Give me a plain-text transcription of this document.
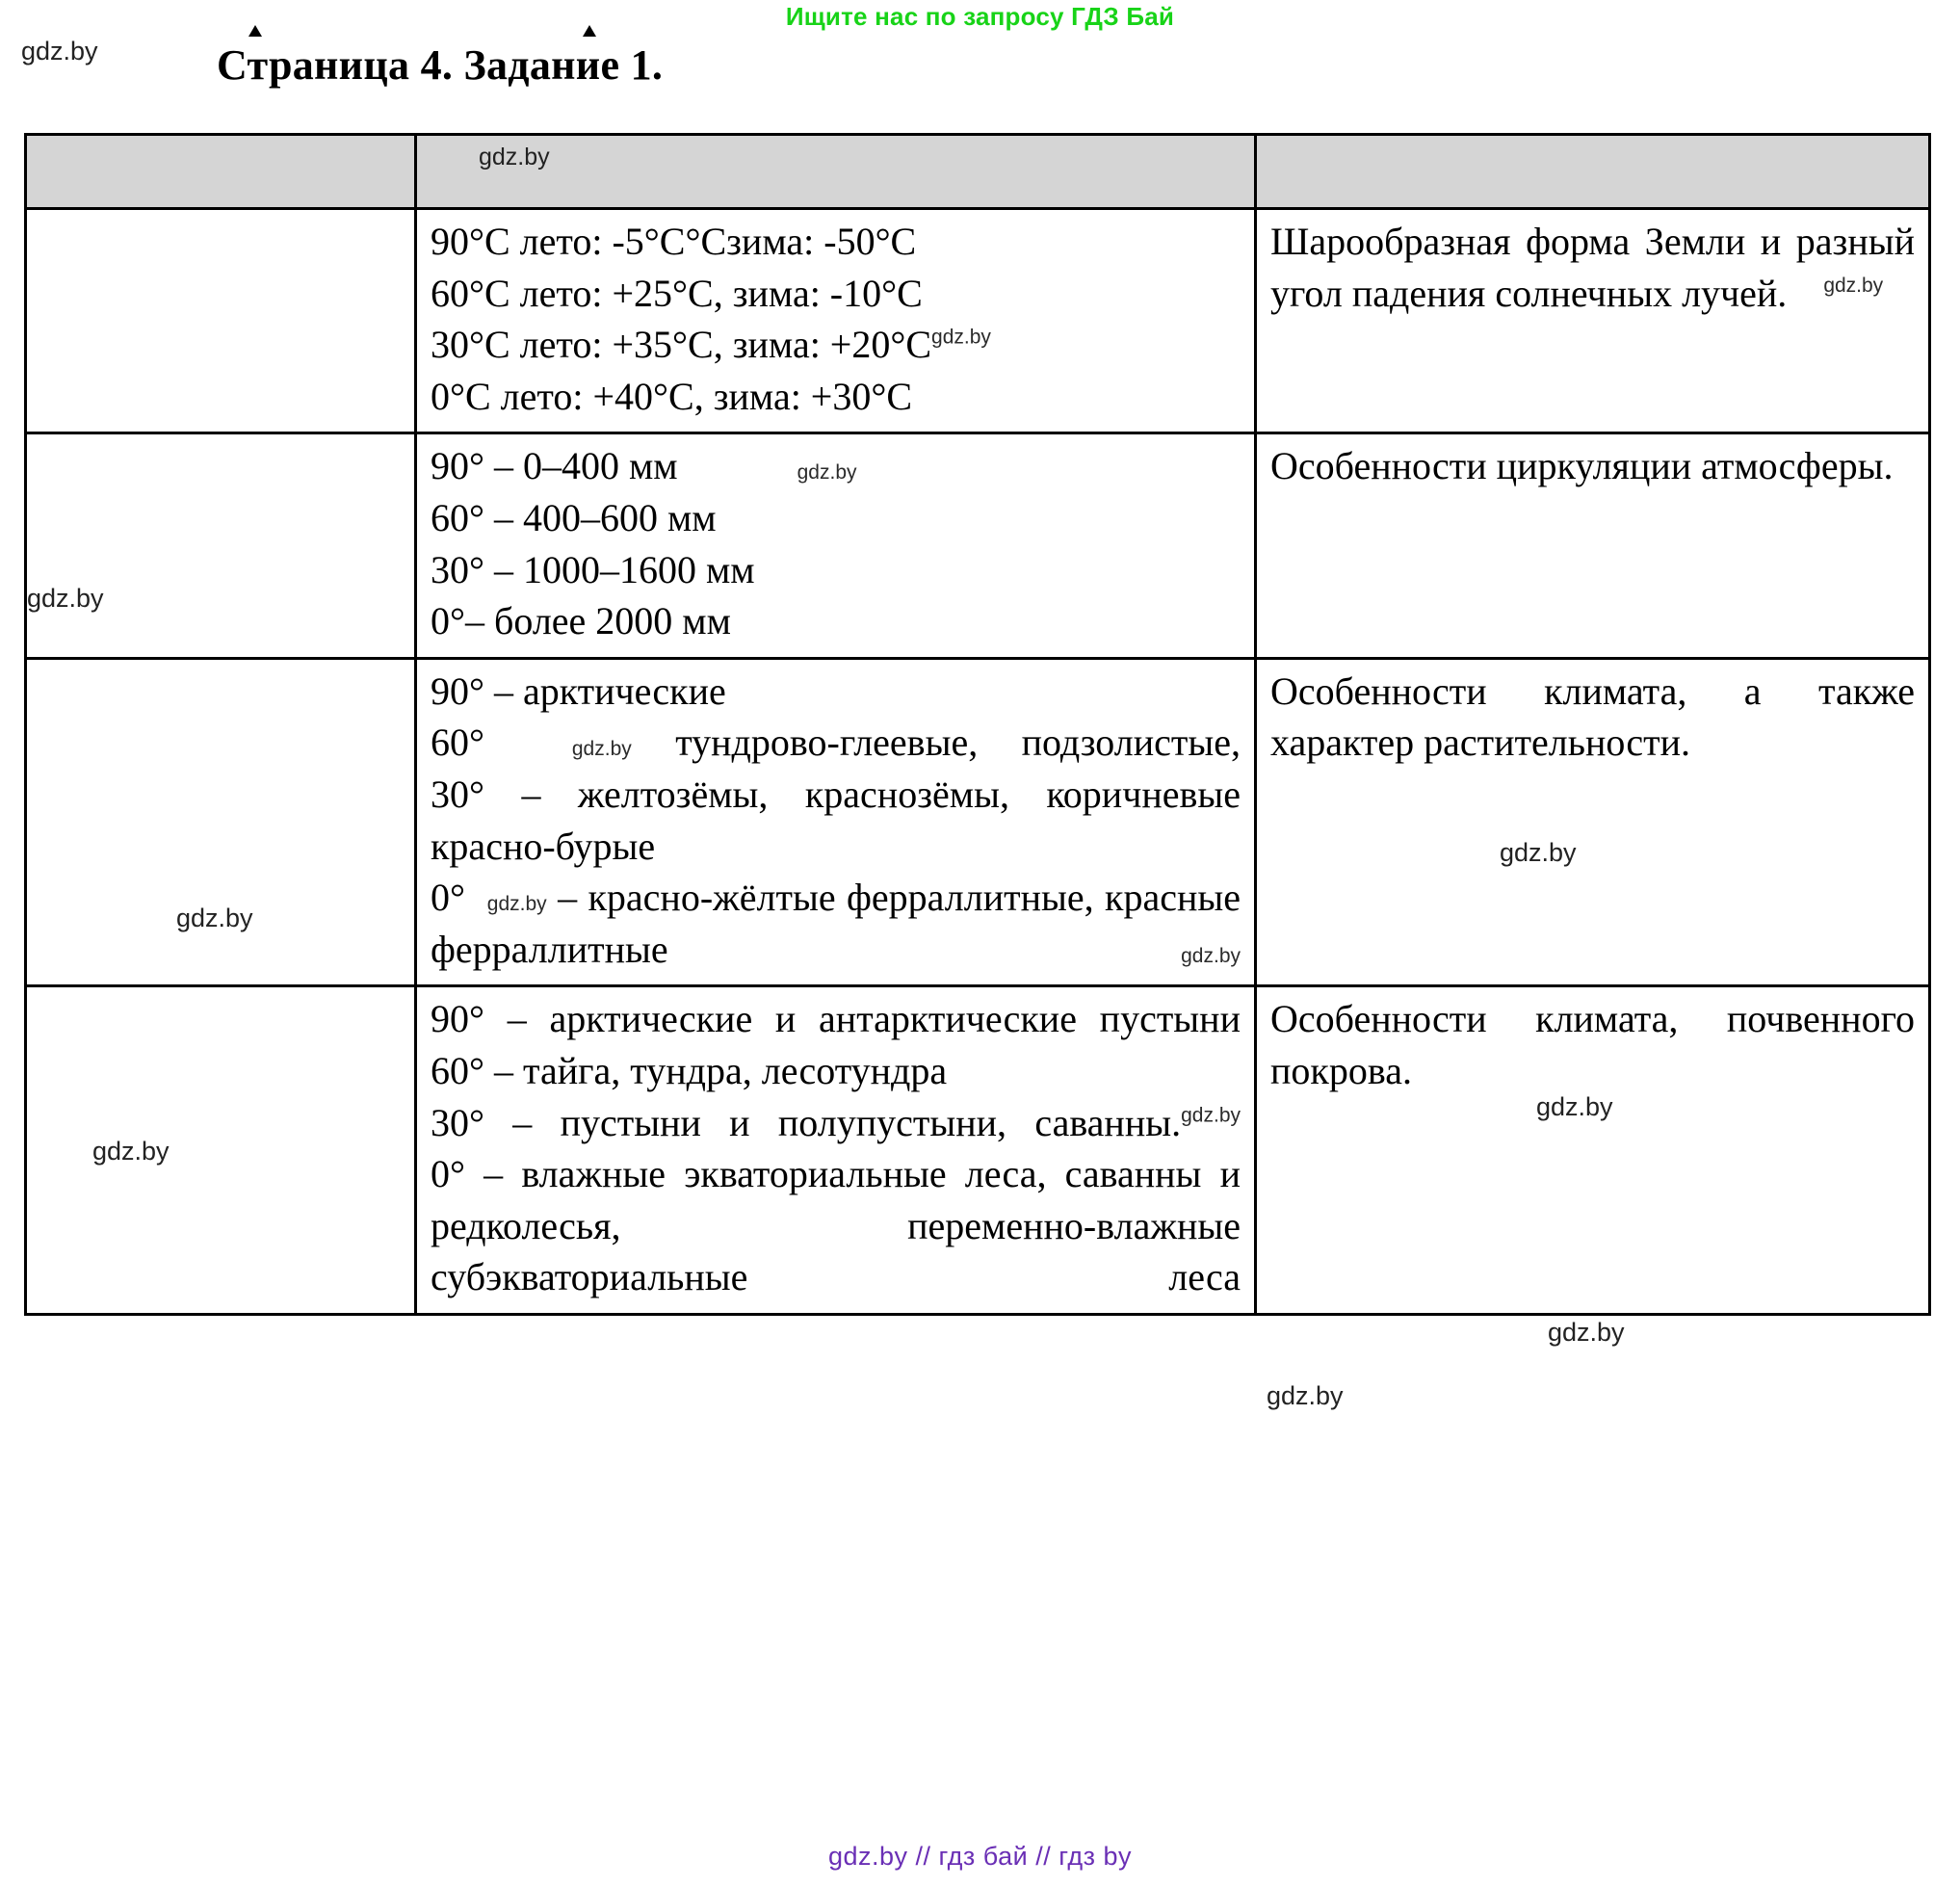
Ищите нас по запросу ГДЗ Бай
gdz.by	Страница 4. Задание 1.

	gdz.by	

	90°C лето: -5°C°Cзима: -50°C
60°C лето: +25°C, зима: -10°C
30°C лето: +35°C, зима: $+20^\circ C^{gdz.by}$
0°C лето: +40°C, зима: +30°C	Шарообразная форма Земли и разный угол падения солнечных лучей. $^{gdz.by}$

gdz.by	90° – 0–400 мм gdz.by
60° – 400–600 мм
30° – 1000–1600 мм
0°– более 2000 мм	Особенности циркуляции атмосферы.

gdz.by	90° – арктические
60°  gdz.by тундрово-глеевые, подзолистые,
30° – желтозёмы, краснозёмы, коричневые красно-бурые
0°  gdz.by – красно-жёлтые ферраллитные, красные ферраллитные gdz.by	Особенности климата, а также характер растительности.
gdz.by

gdz.by

90° – арктические и антарктические пустыни
60° – тайга, тундра, лесотундра
30° – пустыни и полупустыни, саванны.$^{gdz.by}$
0° – влажные экваториальные леса, саванны и редколесья, переменно-влажные субэкваториальные леса
	Особенности климата, почвенного покрова.
gdz.by
gdz.by
gdz.by
gdz.by // гдз бай // гдз by
